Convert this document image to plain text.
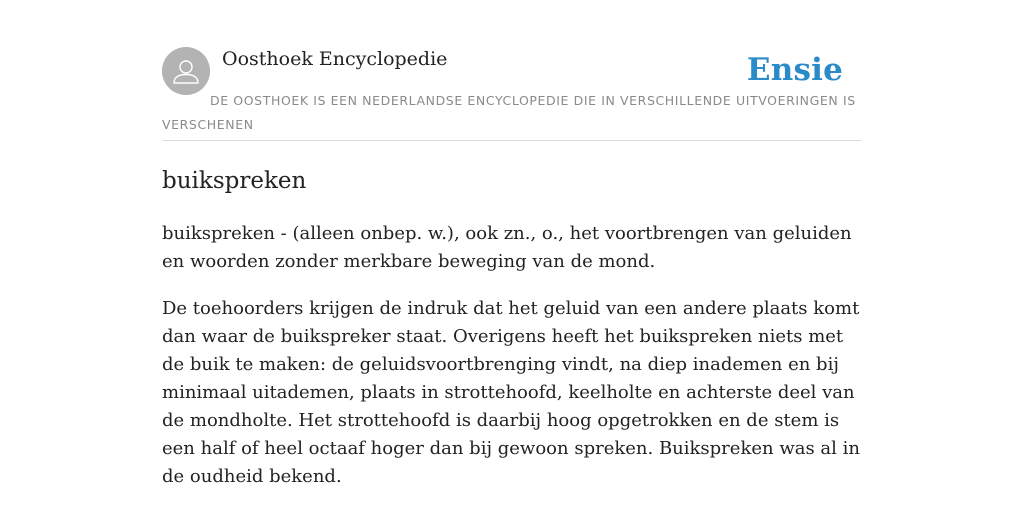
Oosthoek Encyclopedie	Ensie
DE OOSTHOEK IS EEN NEDERLANDSE ENCYCLOPEDIE DIE IN VERSCHILLENDE UITVOERINGEN IS VERSCHENEN
buikspreken

buikspreken - (alleen onbep. w.), ook zn., o., het voortbrengen van geluiden en woorden zonder merkbare beweging van de mond.

De toehoorders krijgen de indruk dat het geluid van een andere plaats komt dan waar de buikspreker staat. Overigens heeft het buikspreken niets met de buik te maken: de geluidsvoortbrenging vindt, na diep inademen en bij minimaal uitademen, plaats in strottehoofd, keelholte en achterste deel van de mondholte. Het strottehoofd is daarbij hoog opgetrokken en de stem is een half of heel octaaf hoger dan bij gewoon spreken. Buikspreken was al in de oudheid bekend.
